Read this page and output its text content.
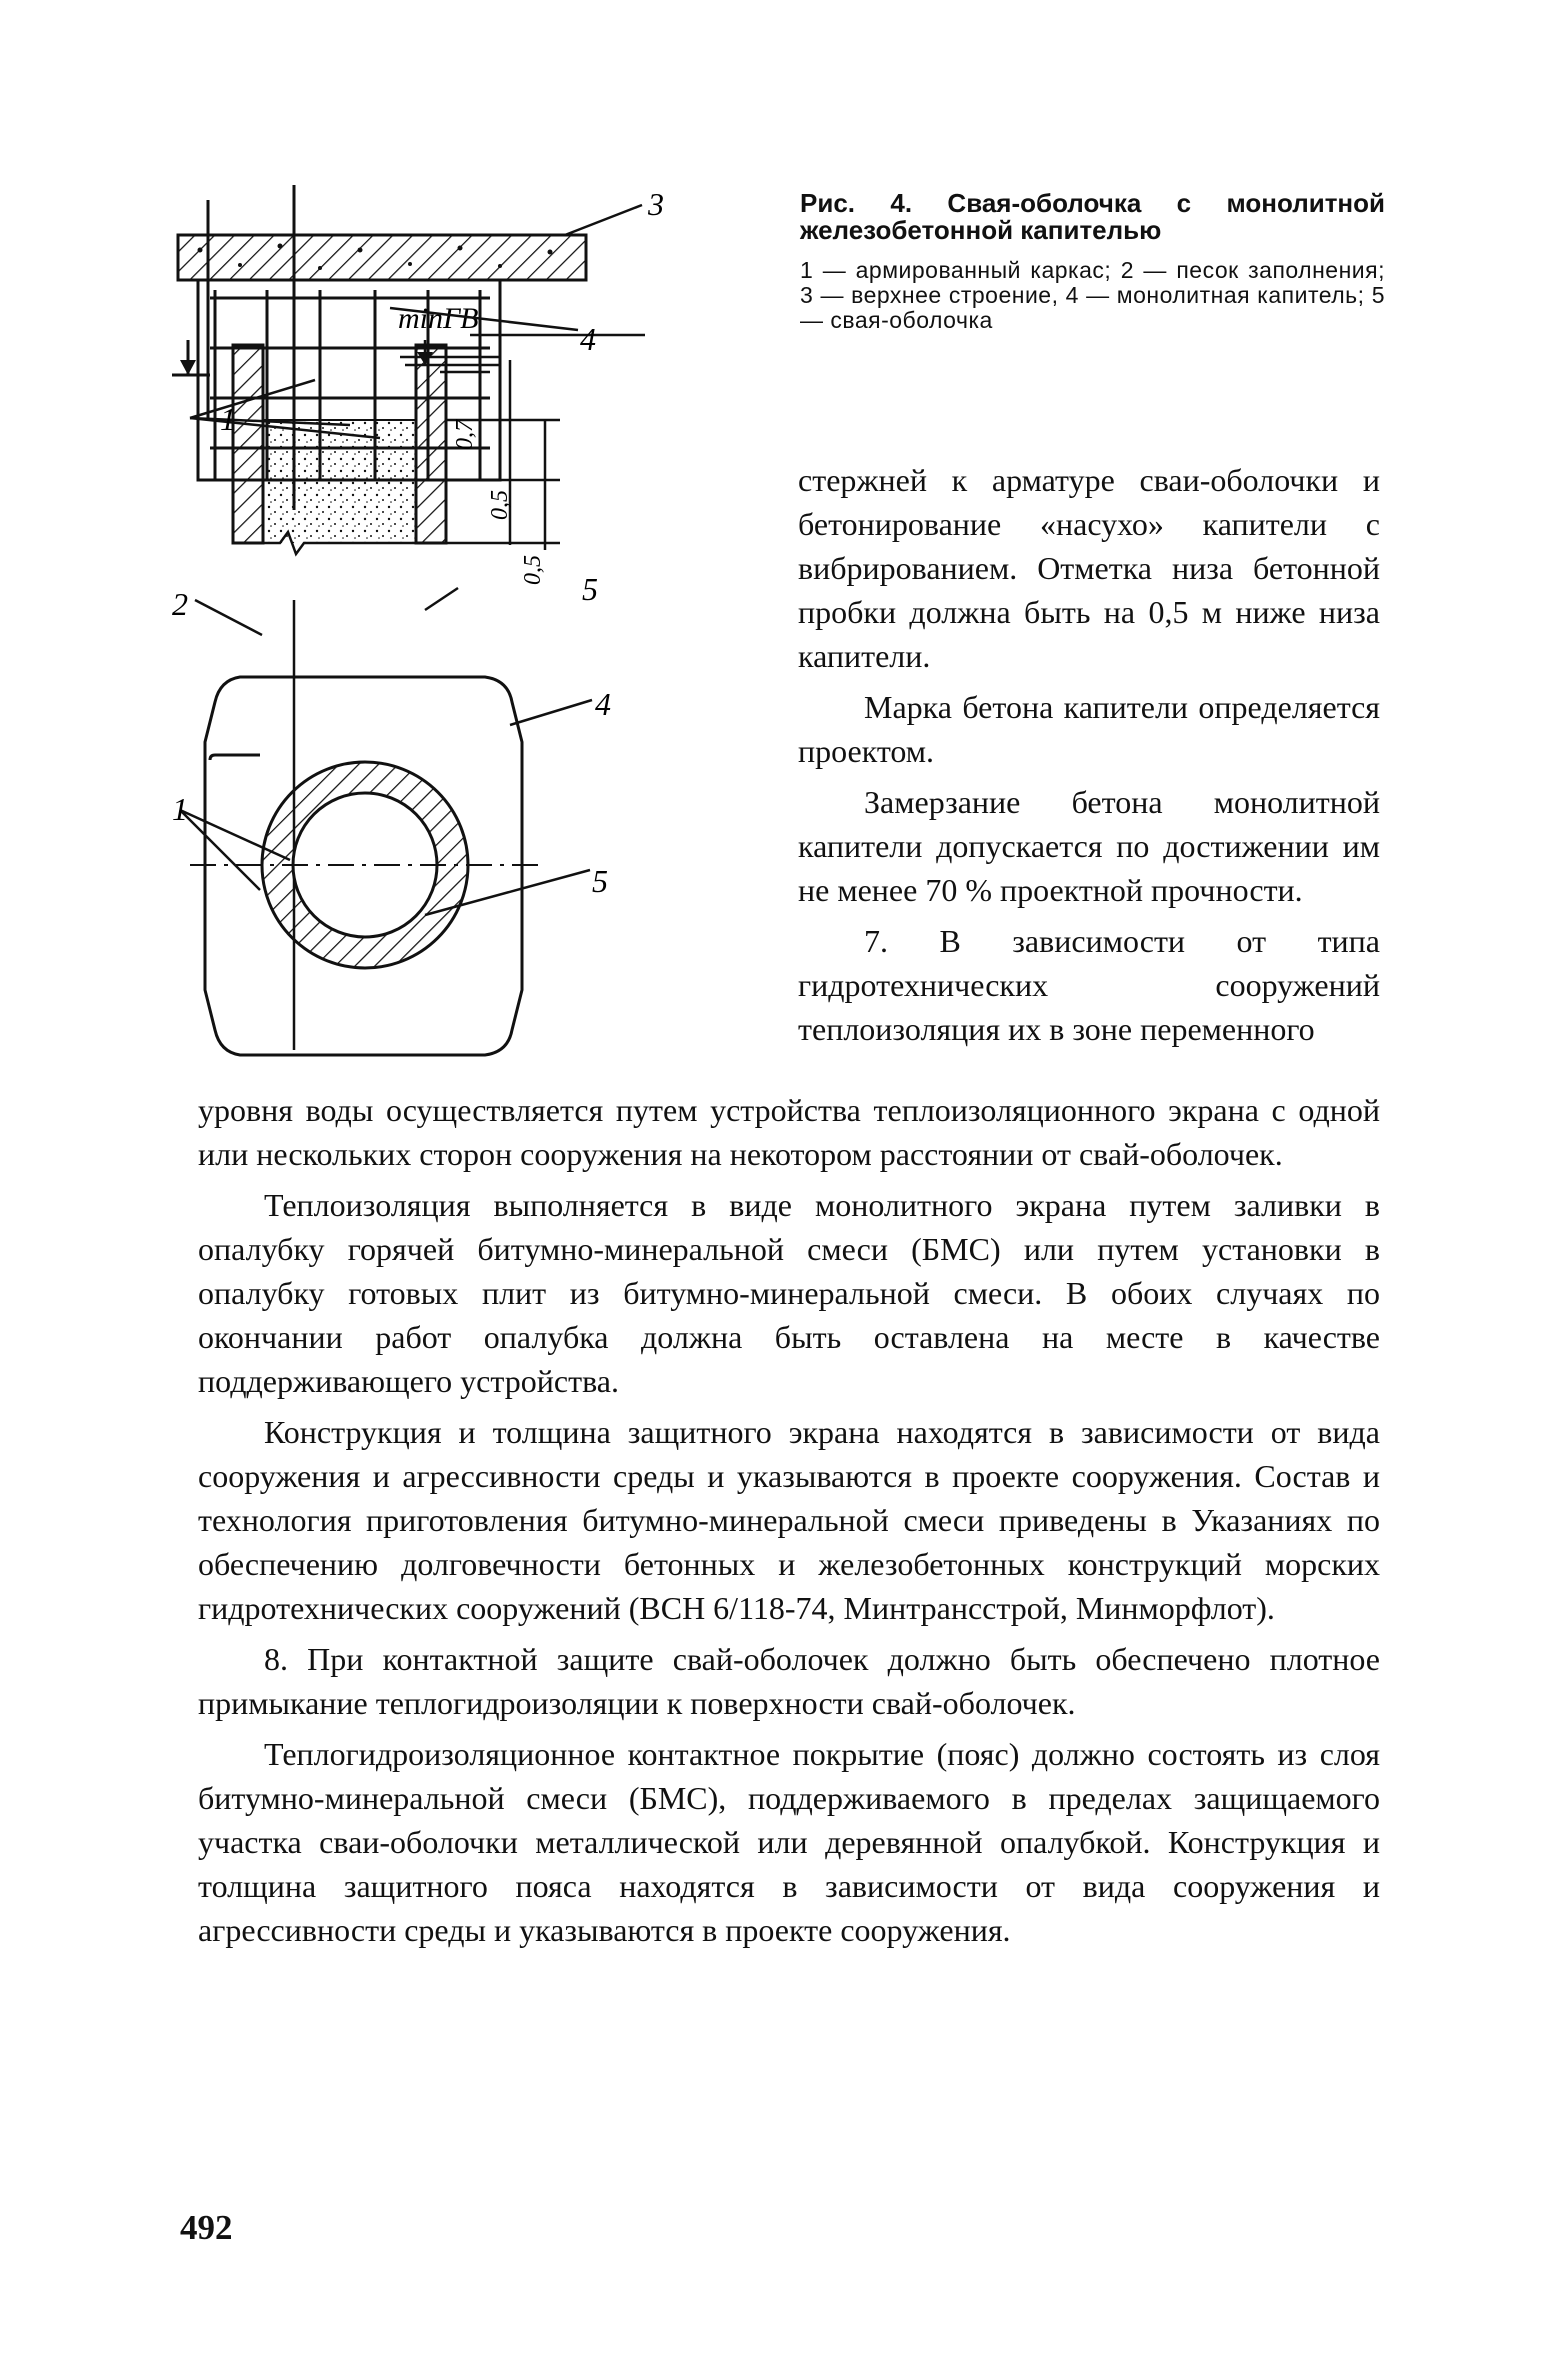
minГВ
0,7
0,5
0,5
3
4
1
2	5
1
4
5

Рис. 4. Свая-оболочка с монолитной железобетонной капителью

1 — армированный каркас; 2 — песок заполнения; 3 — верхнее строение, 4 — монолитная капитель; 5 — свая-оболочка

стержней к арматуре сваи-оболочки и бетонирование «насухо» капители с вибрированием. Отметка низа бетонной пробки должна быть на 0,5 м ниже низа капители.

Марка бетона капители определяется проектом.

Замерзание бетона монолитной капители допускается по достижении им не менее 70 % проектной прочности.

7. В зависимости от типа гидротехнических сооружений теплоизоляция их в зоне переменного

уровня воды осуществляется путем устройства теплоизоляционного экрана с одной или нескольких сторон сооружения на некотором расстоянии от свай-оболочек.

Теплоизоляция выполняется в виде монолитного экрана путем заливки в опалубку горячей битумно-минеральной смеси (БМС) или путем установки в опалубку готовых плит из битумно-минеральной смеси. В обоих случаях по окончании работ опалубка должна быть оставлена на месте в качестве поддерживающего устройства.

Конструкция и толщина защитного экрана находятся в зависимости от вида сооружения и агрессивности среды и указываются в проекте сооружения. Состав и технология приготовления битумно-минеральной смеси приведены в Указаниях по обеспечению долговечности бетонных и железобетонных конструкций морских гидротехнических сооружений (ВСН 6/118-74, Минтрансстрой, Минморфлот).

8. При контактной защите свай-оболочек должно быть обеспечено плотное примыкание теплогидроизоляции к поверхности свай-оболочек.

Теплогидроизоляционное контактное покрытие (пояс) должно состоять из слоя битумно-минеральной смеси (БМС), поддерживаемого в пределах защищаемого участка сваи-оболочки металлической или деревянной опалубкой. Конструкция и толщина защитного пояса находятся в зависимости от вида сооружения и агрессивности среды и указываются в проекте сооружения.

492
